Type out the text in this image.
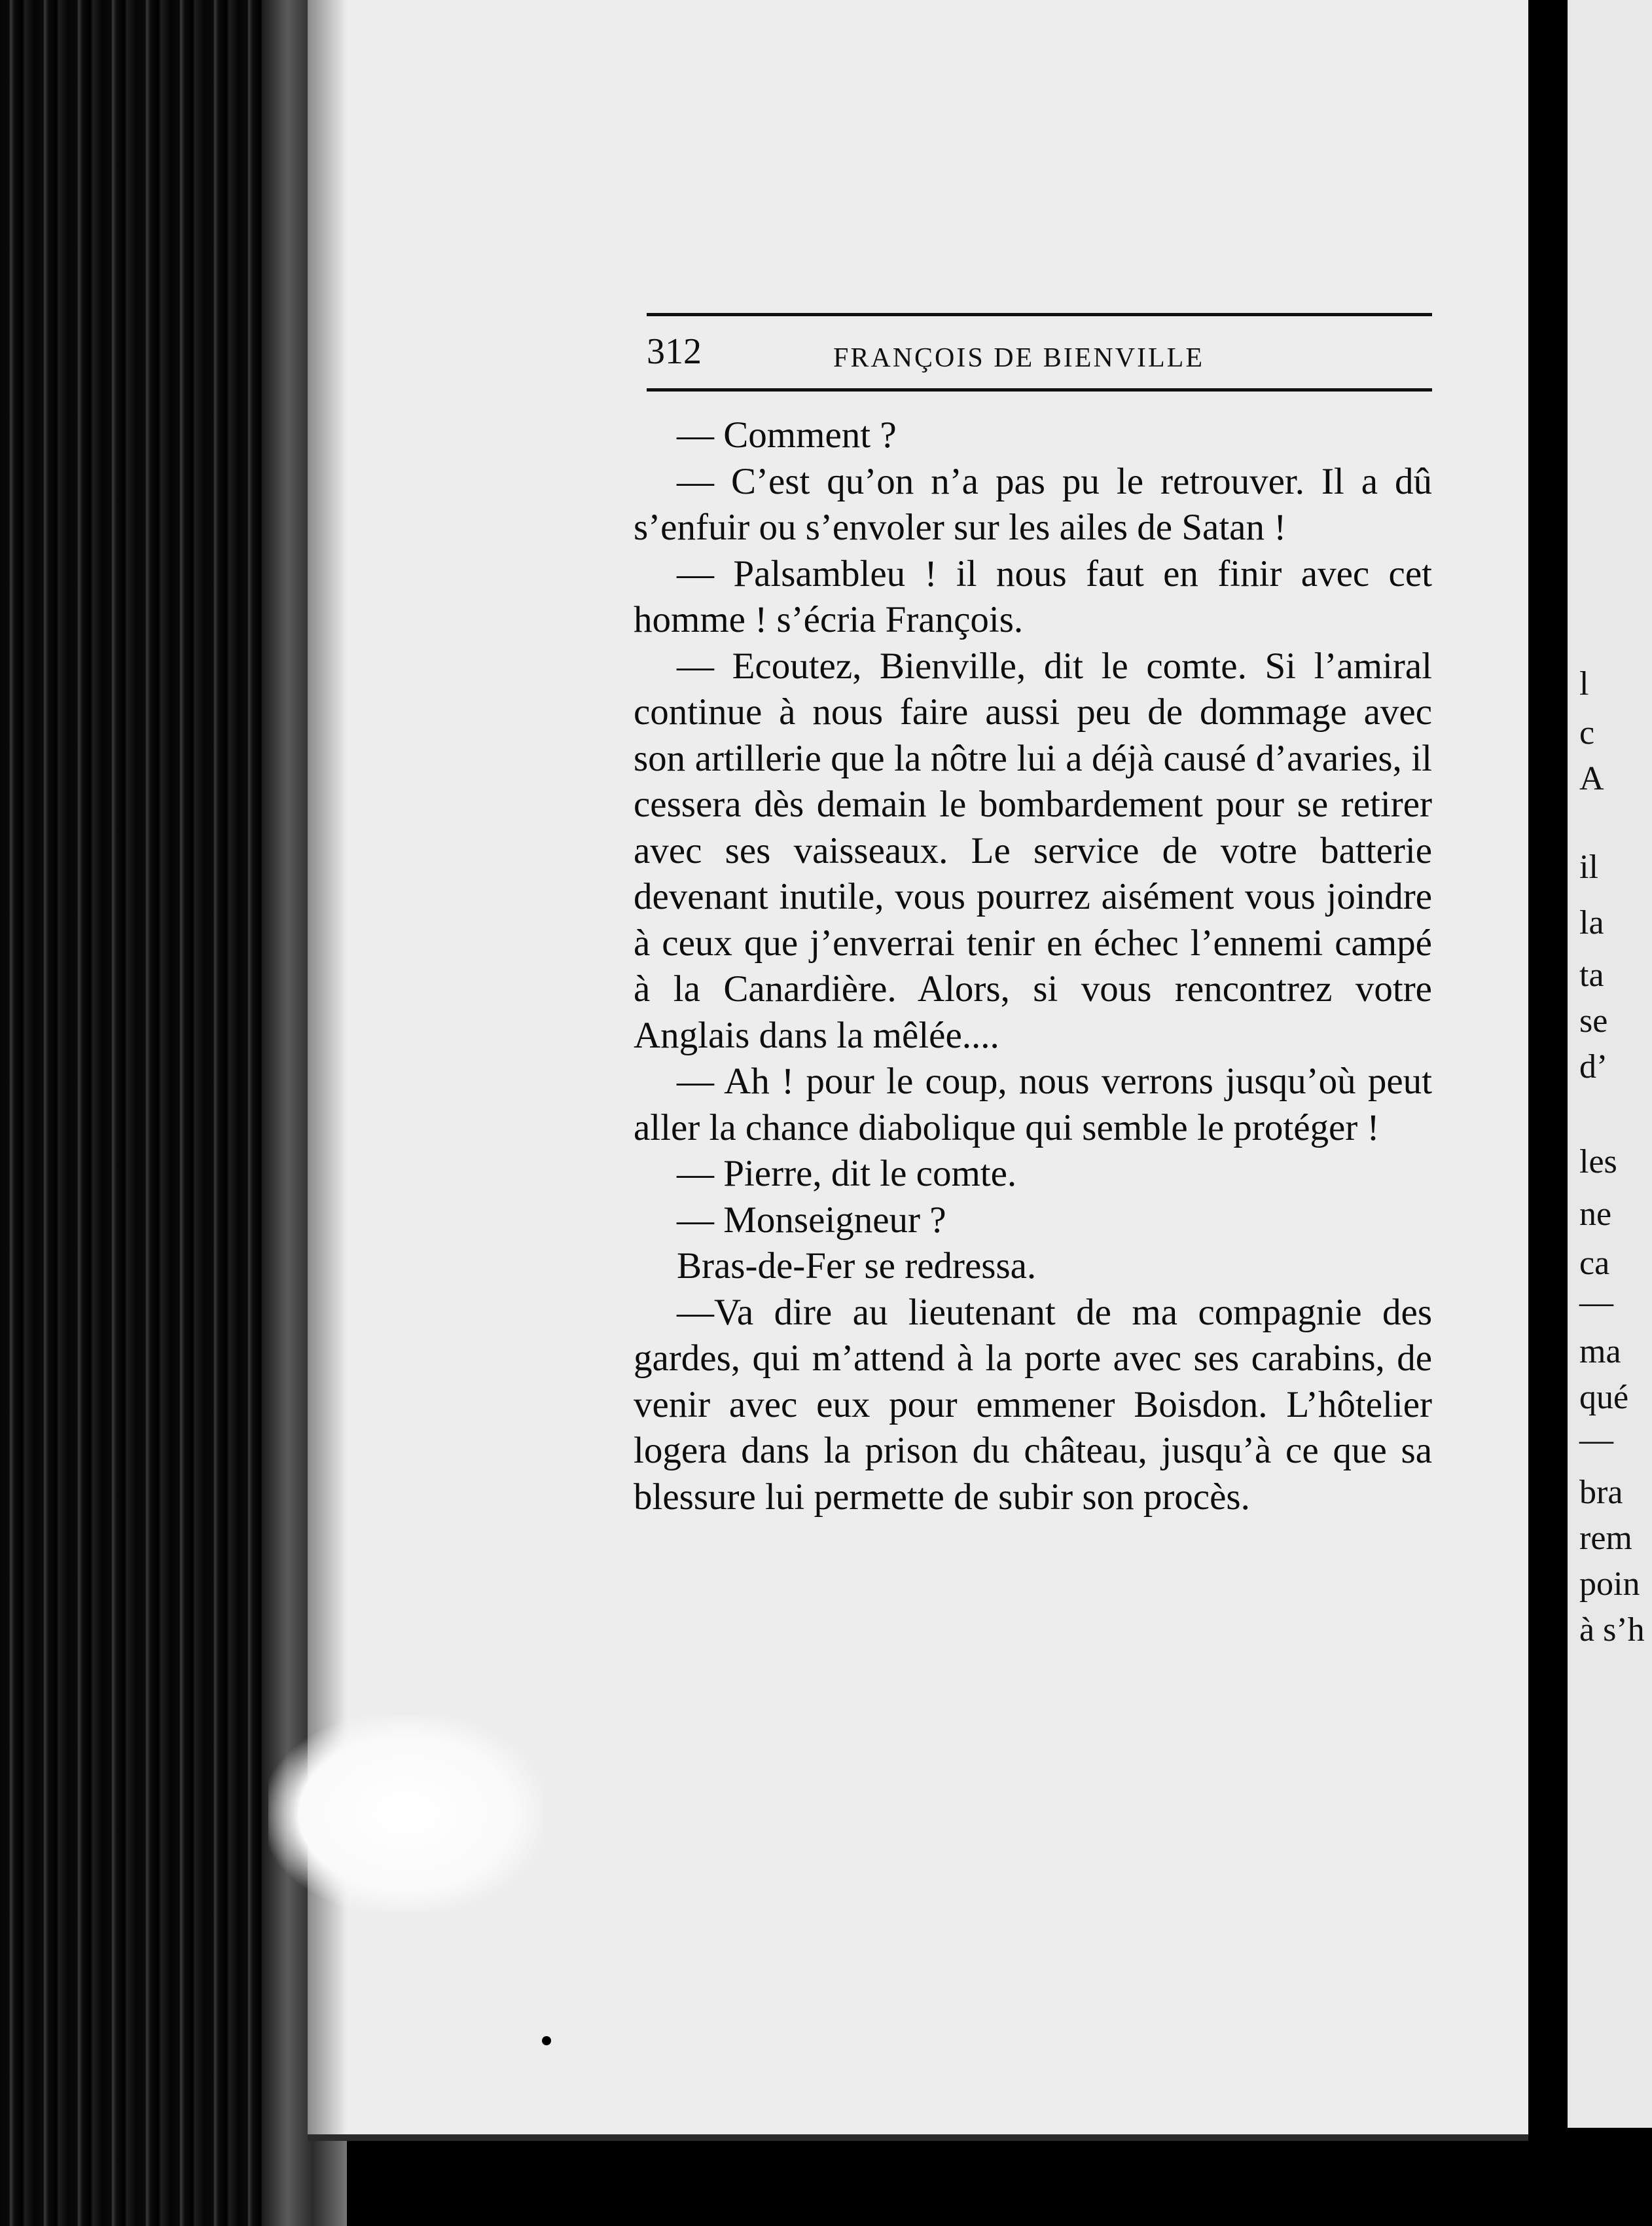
312	FRANÇOIS DE BIENVILLE

— Comment ?

— C’est qu’on n’a pas pu le retrouver. Il a dû s’enfuir ou s’envoler sur les ailes de Satan !

— Palsambleu ! il nous faut en finir avec cet homme ! s’écria François.

— Ecoutez, Bienville, dit le comte. Si l’amiral continue à nous faire aussi peu de dommage avec son artillerie que la nôtre lui a déjà causé d’avaries, il cessera dès demain le bombardement pour se retirer avec ses vaisseaux. Le service de votre batterie devenant inutile, vous pourrez aisément vous joindre à ceux que j’enverrai tenir en échec l’ennemi campé à la Canardière. Alors, si vous rencontrez votre Anglais dans la mêlée....

— Ah ! pour le coup, nous verrons jusqu’où peut aller la chance diabolique qui semble le protéger !

— Pierre, dit le comte.

— Monseigneur ?

Bras-de-Fer se redressa.

—Va dire au lieutenant de ma compagnie des gardes, qui m’attend à la porte avec ses carabins, de venir avec eux pour emmener Boisdon. L’hôtelier logera dans la prison du château, jusqu’à ce que sa blessure lui permette de subir son procès.

l
c
A
il
la
ta
se
d’
les
ne
ca
—
ma
qué
—
bra
rem
poin
à s’h
